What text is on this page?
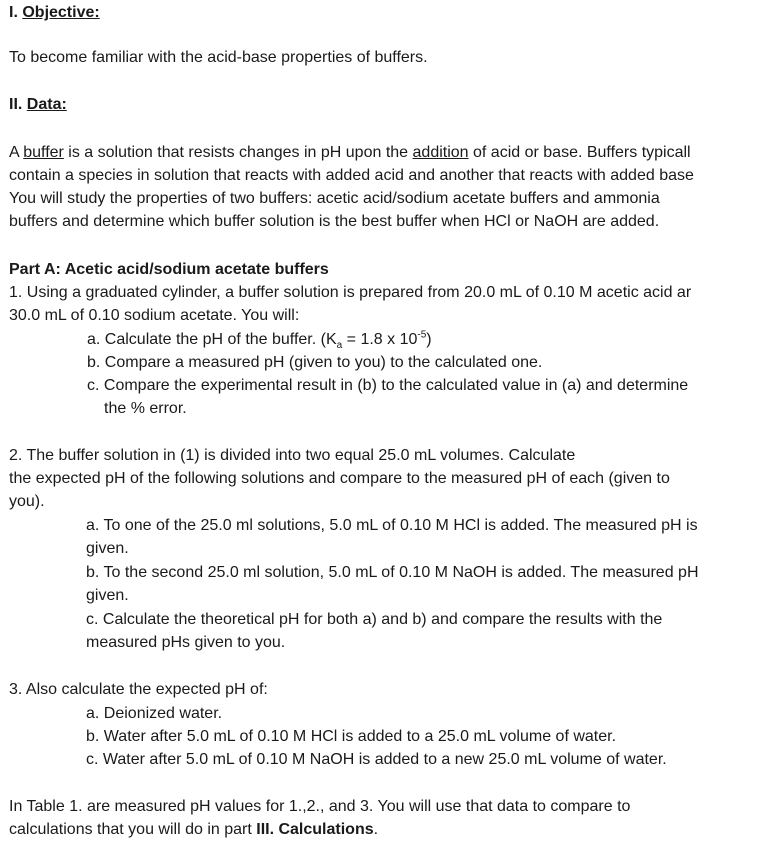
I. Objective:
To become familiar with the acid-base properties of buffers.
II. Data:
A buffer is a solution that resists changes in pH upon the addition of acid or base. Buffers typicall
contain a species in solution that reacts with added acid and another that reacts with added base
You will study the properties of two buffers: acetic acid/sodium acetate buffers and ammonia
buffers and determine which buffer solution is the best buffer when HCl or NaOH are added.
Part A: Acetic acid/sodium acetate buffers
1. Using a graduated cylinder, a buffer solution is prepared from 20.0 mL of 0.10 M acetic acid ar
30.0 mL of 0.10 sodium acetate. You will:
a. Calculate the pH of the buffer. ($K_a = 1.8$ x $10^{-5}$)
b. Compare a measured pH (given to you) to the calculated one.
c. Compare the experimental result in (b) to the calculated value in (a) and determine
the % error.
2. The buffer solution in (1) is divided into two equal 25.0 mL volumes. Calculate
the expected pH of the following solutions and compare to the measured pH of each (given to
you).
a. To one of the 25.0 ml solutions, 5.0 mL of 0.10 M HCl is added. The measured pH is
given.
b. To the second 25.0 ml solution, 5.0 mL of 0.10 M NaOH is added. The measured pH
given.
c. Calculate the theoretical pH for both a) and b) and compare the results with the
measured pHs given to you.
3. Also calculate the expected pH of:
a. Deionized water.
b. Water after 5.0 mL of 0.10 M HCl is added to a 25.0 mL volume of water.
c. Water after 5.0 mL of 0.10 M NaOH is added to a new 25.0 mL volume of water.
In Table 1. are measured pH values for 1.,2., and 3. You will use that data to compare to
calculations that you will do in part III. Calculations.
